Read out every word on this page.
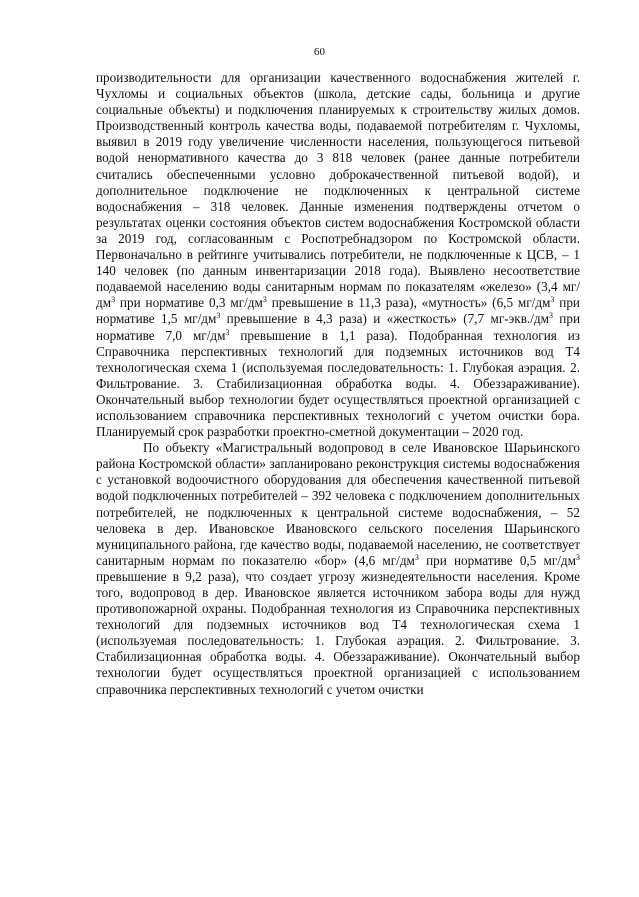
60

производительности для организации качественного водоснабжения жителей г. Чухломы и социальных объектов (школа, детские сады, больница и другие социальные объекты) и подключения планируемых к строительству жилых домов. Производственный контроль качества воды, подаваемой потребителям г. Чухломы, выявил в 2019 году увеличение численности населения, пользующегося питьевой водой ненормативного качества до 3 818 человек (ранее данные потребители считались обеспеченными условно доброкачественной питьевой водой), и дополнительное подключение не подключенных к центральной системе водоснабжения – 318 человек. Данные изменения подтверждены отчетом о результатах оценки состояния объектов систем водоснабжения Костромской области за 2019 год, согласованным с Роспотребнадзором по Костромской области. Первоначально в рейтинге учитывались потребители, не подключенные к ЦСВ, – 1 140 человек (по данным инвентаризации 2018 года). Выявлено несоответствие подаваемой населению воды санитарным нормам по показателям «железо» (3,4 $мг/дм^3$ при нормативе 0,3 $мг/дм^3$ превышение в 11,3 раза), «мутность» (6,5 $мг/дм^3$ при нормативе 1,5 $мг/дм^3$ превышение в 4,3 раза) и «жесткость» (7,7 $мг-экв./дм^3$ при нормативе 7,0 $мг/дм^3$ превышение в 1,1 раза). Подобранная технология из Справочника перспективных технологий для подземных источников вод Т4 технологическая схема 1 (используемая последовательность: 1. Глубокая аэрация. 2. Фильтрование. 3. Стабилизационная обработка воды. 4. Обеззараживание). Окончательный выбор технологии будет осуществляться проектной организацией с использованием справочника перспективных технологий с учетом очистки бора. Планируемый срок разработки проектно-сметной документации – 2020 год.

По объекту «Магистральный водопровод в селе Ивановское Шарьинского района Костромской области» запланировано реконструкция системы водоснабжения с установкой водоочистного оборудования для обеспечения качественной питьевой водой подключенных потребителей – 392 человека с подключением дополнительных потребителей, не подключенных к центральной системе водоснабжения, – 52 человека в дер. Ивановское Ивановского сельского поселения Шарьинского муниципального района, где качество воды, подаваемой населению, не соответствует санитарным нормам по показателю «бор» (4,6 $мг/дм^3$ при нормативе 0,5 $мг/дм^3$ превышение в 9,2 раза), что создает угрозу жизнедеятельности населения. Кроме того, водопровод в дер. Ивановское является источником забора воды для нужд противопожарной охраны. Подобранная технология из Справочника перспективных технологий для подземных источников вод Т4 технологическая схема 1 (используемая последовательность: 1. Глубокая аэрация. 2. Фильтрование. 3. Стабилизационная обработка воды. 4. Обеззараживание). Окончательный выбор технологии будет осуществляться проектной организацией с использованием справочника перспективных технологий с учетом очистки
